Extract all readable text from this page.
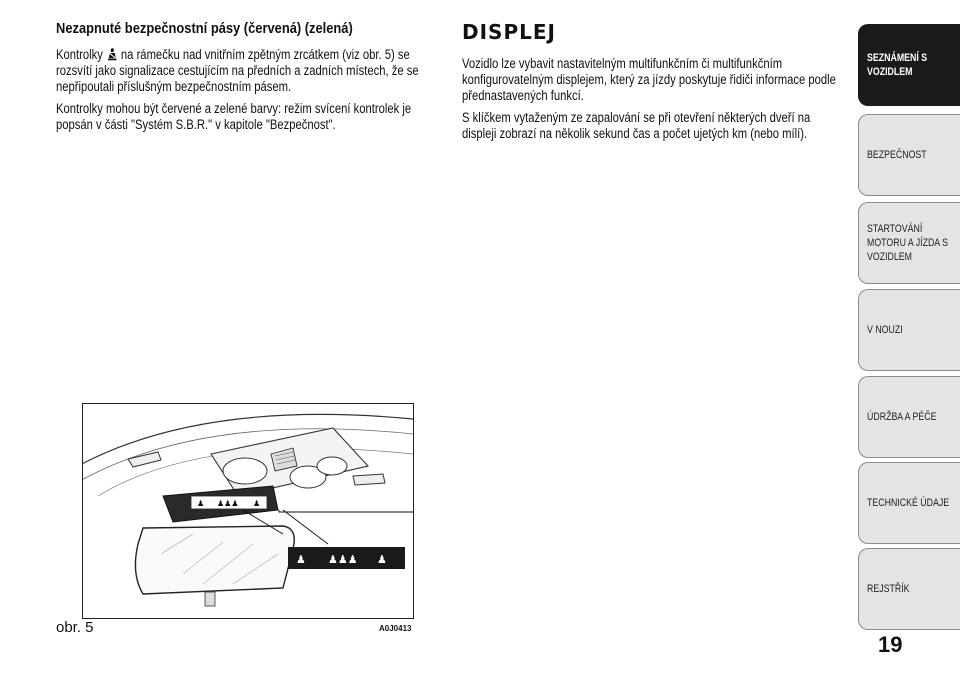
Nezapnuté bezpečnostní pásy (červená) (zelená)
Kontrolky na rámečku nad vnitřním zpětným zrcátkem (viz obr. 5) se rozsvítí jako signalizace cestujícím na předních a zadních místech, že se nepřipoutali příslušným bezpečnostním pásem.
Kontrolky mohou být červené a zelené barvy: režim svícení kontrolek je popsán v části "Systém S.B.R." v kapitole "Bezpečnost".
DISPLEJ
Vozidlo lze vybavit nastavitelným multifunkčním či multifunkčním konfigurovatelným displejem, který za jízdy poskytuje řidiči informace podle přednastavených funkcí.
S klíčkem vytaženým ze zapalování se při otevření některých dveří na displeji zobrazí na několik sekund čas a počet ujetých km (nebo mílí).
♟ ♟♟♟ ♟
♟ ♟♟♟ ♟
obr. 5	A0J0413
SEZNÁMENÍ S
VOZIDLEM
BEZPEČNOST
STARTOVÁNÍ
MOTORU A JÍZDA S
VOZIDLEM
V NOUZI
ÚDRŽBA A PÉČE
TECHNICKÉ ÚDAJE
REJSTŘÍK
19
